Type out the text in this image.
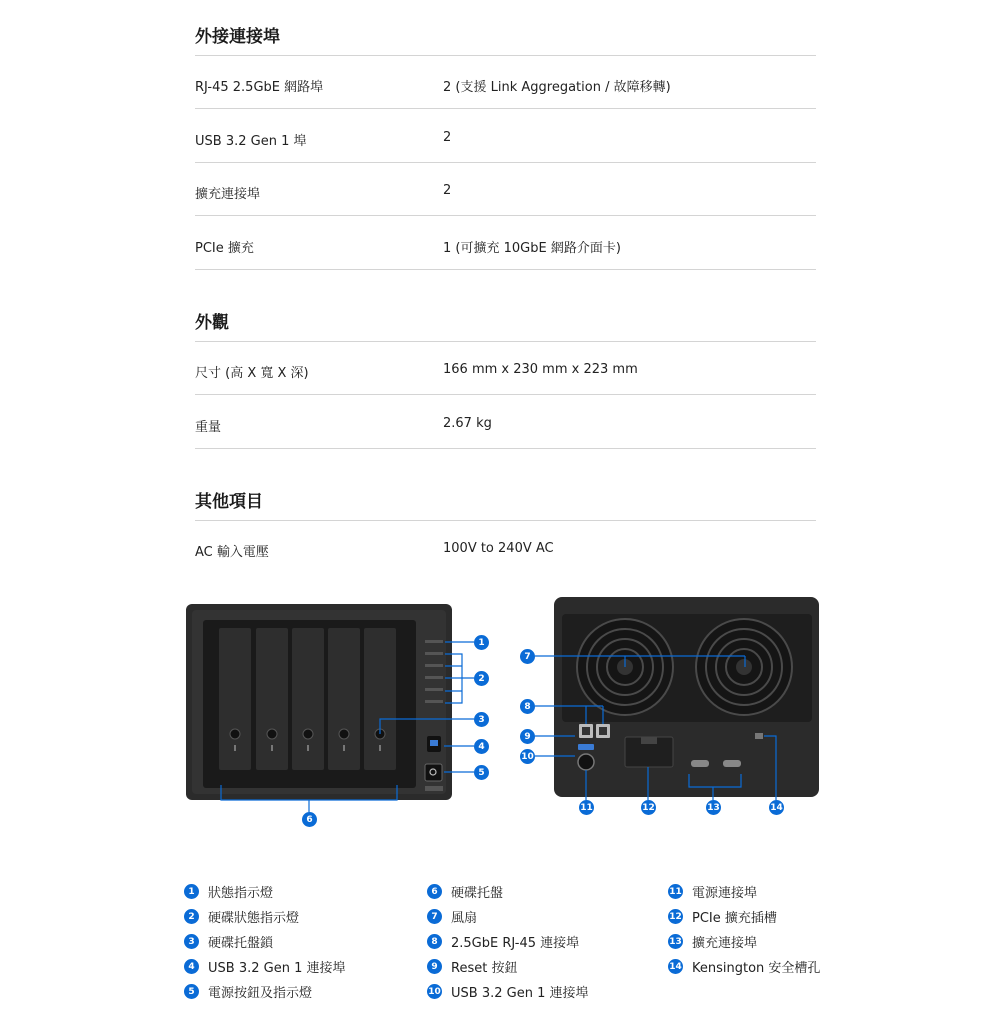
外接連接埠
RJ-45 2.5GbE 網路埠	2 (支援 Link Aggregation / 故障移轉)
USB 3.2 Gen 1 埠	2
擴充連接埠	2
PCIe 擴充	1 (可擴充 10GbE 網路介面卡)
外觀
尺寸 (高 X 寬 X 深)	166 mm x 230 mm x 223 mm
重量	2.67 kg
其他項目
AC 輸入電壓	100V to 240V AC
1
2
3
4
5
6
7
8
9
10
11	12	13	14
1	狀態指示燈
2	硬碟狀態指示燈
3	硬碟托盤鎖
4	USB 3.2 Gen 1 連接埠
5	電源按鈕及指示燈
6	硬碟托盤
7	風扇
8	2.5GbE RJ-45 連接埠
9	Reset 按鈕
10 USB 3.2 Gen 1 連接埠
11 電源連接埠
12 PCIe 擴充插槽
13 擴充連接埠
14 Kensington 安全槽孔
